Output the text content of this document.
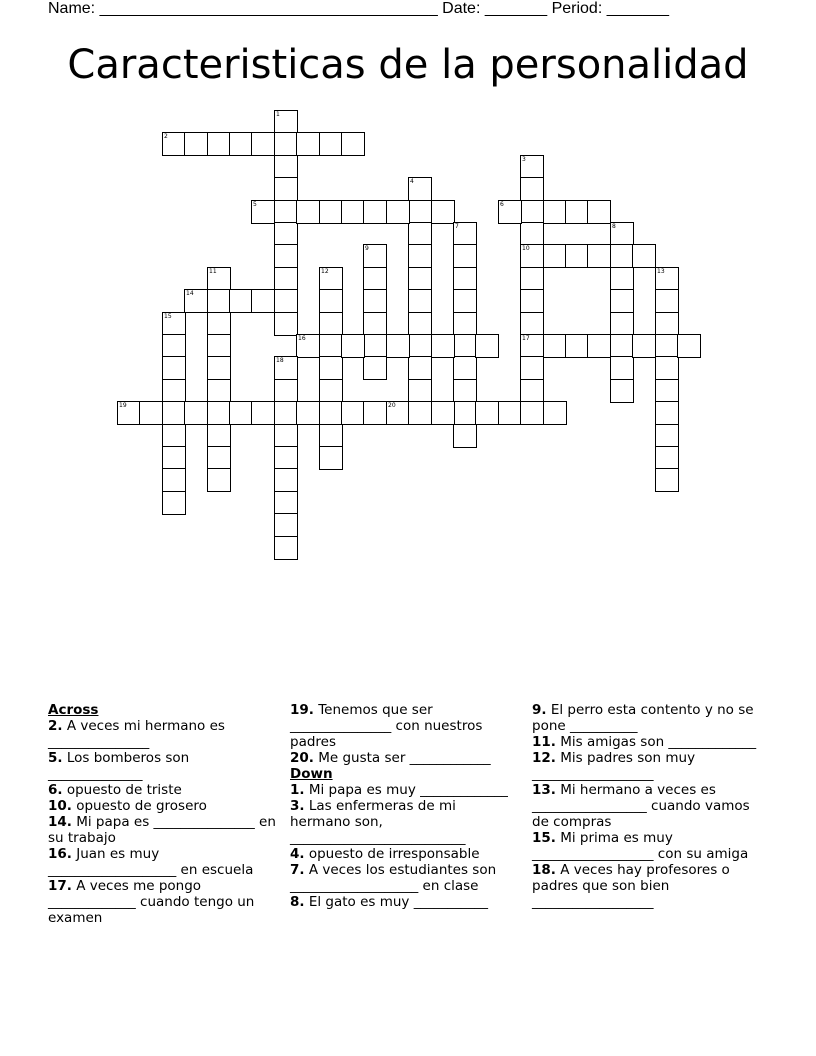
Name: ______________________________________ Date: _______ Period: _______
Caracteristicas de la personalidad
1
2
3
10
17
4
5	6
7	8
9
11	12	13
14
15
16
18
19	20
Across
2. A veces mi hermano es _______________
5. Los bomberos son ______________
6. opuesto de triste
10. opuesto de grosero
14. Mi papa es _______________ en su trabajo
16. Juan es muy ___________________ en escuela
17. A veces me pongo _____________ cuando tengo un examen
19. Tenemos que ser _______________ con nuestros padres
20. Me gusta ser ____________
Down
1. Mi papa es muy _____________
3. Las enfermeras de mi hermano son, __________________________
4. opuesto de irresponsable
7. A veces los estudiantes son ___________________ en clase
8. El gato es muy ___________
9. El perro esta contento y no se pone __________
11. Mis amigas son _____________
12. Mis padres son muy __________________
13. Mi hermano a veces es _________________ cuando vamos de compras
15. Mi prima es muy __________________ con su amiga
18. A veces hay profesores o padres que son bien __________________
